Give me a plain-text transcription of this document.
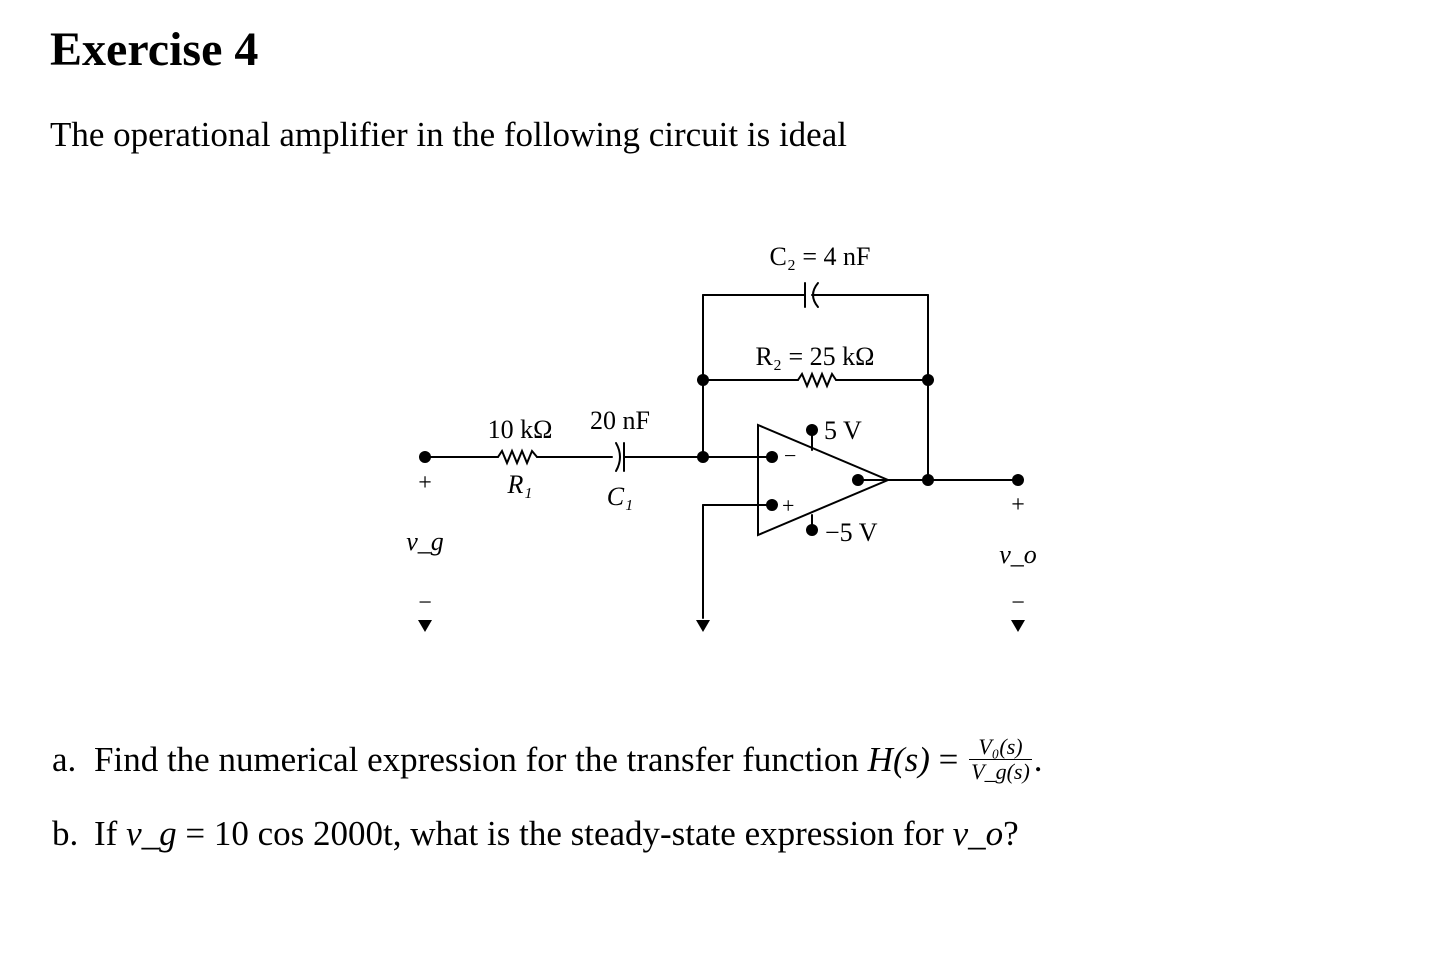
Exercise 4

The operational amplifier in the following circuit is ideal

C₂ = 4 nF
R₂ = 25 kΩ
10 kΩ
R₁
20 nF
C₁
5 V
−5 V
−
+
+
v_g
−
+
v_o
−
a. Find the numerical expression for the transfer function $H(s) = \frac{\text{V₀(s)}}{V\_g(s)}$ .
b. If v_g = 10 cos 2000t, what is the steady-state expression for v_o?
